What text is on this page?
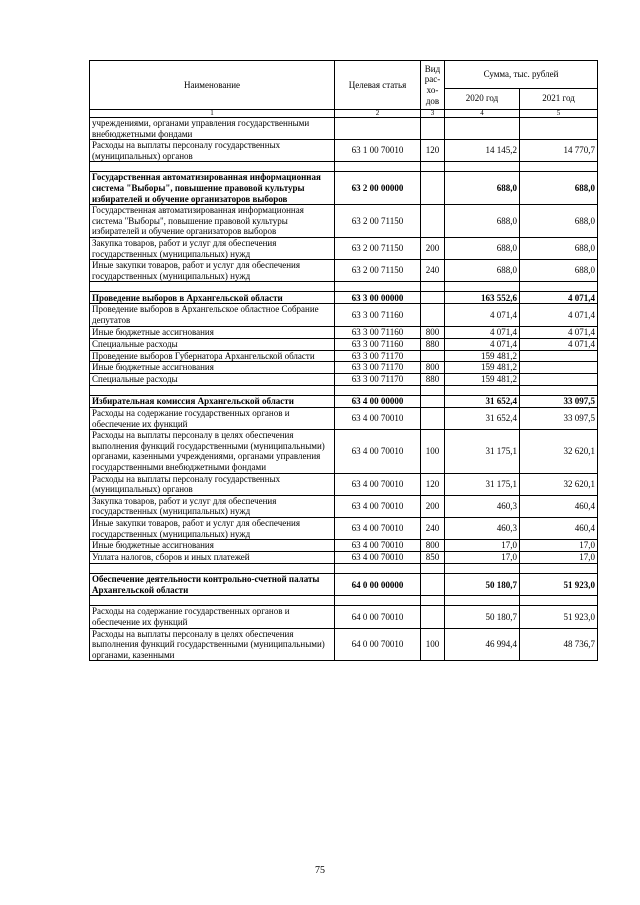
Наименование	Целевая статья	Вид рас-хо-дов	Сумма, тыс. рублей	
			2020 год	2021 год
1	2	3	4	5
учреждениями, органами управления государственными внебюджетными фондами				
Расходы на выплаты персоналу государственных (муниципальных) органов	63 1 00 70010	120	14 145,2	14 770,7

Государственная автоматизированная информационная система "Выборы", повышение правовой культуры избирателей и обучение организаторов выборов	63 2 00 00000		688,0	688,0
Государственная автоматизированная информационная система "Выборы", повышение правовой культуры избирателей и обучение организаторов выборов	63 2 00 71150		688,0	688,0
Закупка товаров, работ и услуг для обеспечения государственных (муниципальных) нужд	63 2 00 71150	200	688,0	688,0
Иные закупки товаров, работ и услуг для обеспечения государственных (муниципальных) нужд	63 2 00 71150	240	688,0	688,0

Проведение выборов в Архангельской области	63 3 00 00000		163 552,6	4 071,4
Проведение выборов в Архангельское областное Собрание депутатов	63 3 00 71160		4 071,4	4 071,4
Иные бюджетные ассигнования	63 3 00 71160	800	4 071,4	4 071,4
Специальные расходы	63 3 00 71160	880	4 071,4	4 071,4
Проведение выборов Губернатора Архангельской области	63 3 00 71170		159 481,2	
Иные бюджетные ассигнования	63 3 00 71170	800	159 481,2	
Специальные расходы	63 3 00 71170	880	159 481,2	

Избирательная комиссия Архангельской области	63 4 00 00000		31 652,4	33 097,5
Расходы на содержание государственных органов и обеспечение их функций	63 4 00 70010		31 652,4	33 097,5
Расходы на выплаты персоналу в целях обеспечения выполнения функций государственными (муниципальными) органами, казенными учреждениями, органами управления государственными внебюджетными фондами	63 4 00 70010	100	31 175,1	32 620,1
Расходы на выплаты персоналу государственных (муниципальных) органов	63 4 00 70010	120	31 175,1	32 620,1
Закупка товаров, работ и услуг для обеспечения государственных (муниципальных) нужд	63 4 00 70010	200	460,3	460,4
Иные закупки товаров, работ и услуг для обеспечения государственных (муниципальных) нужд	63 4 00 70010	240	460,3	460,4
Иные бюджетные ассигнования	63 4 00 70010	800	17,0	17,0
Уплата налогов, сборов и иных платежей	63 4 00 70010	850	17,0	17,0

Обеспечение деятельности контрольно-счетной палаты Архангельской области	64 0 00 00000		50 180,7	51 923,0

Расходы на содержание государственных органов и обеспечение их функций	64 0 00 70010		50 180,7	51 923,0
Расходы на выплаты персоналу в целях обеспечения выполнения функций государственными (муниципальными) органами, казенными	64 0 00 70010	100	46 994,4	48 736,7
75
